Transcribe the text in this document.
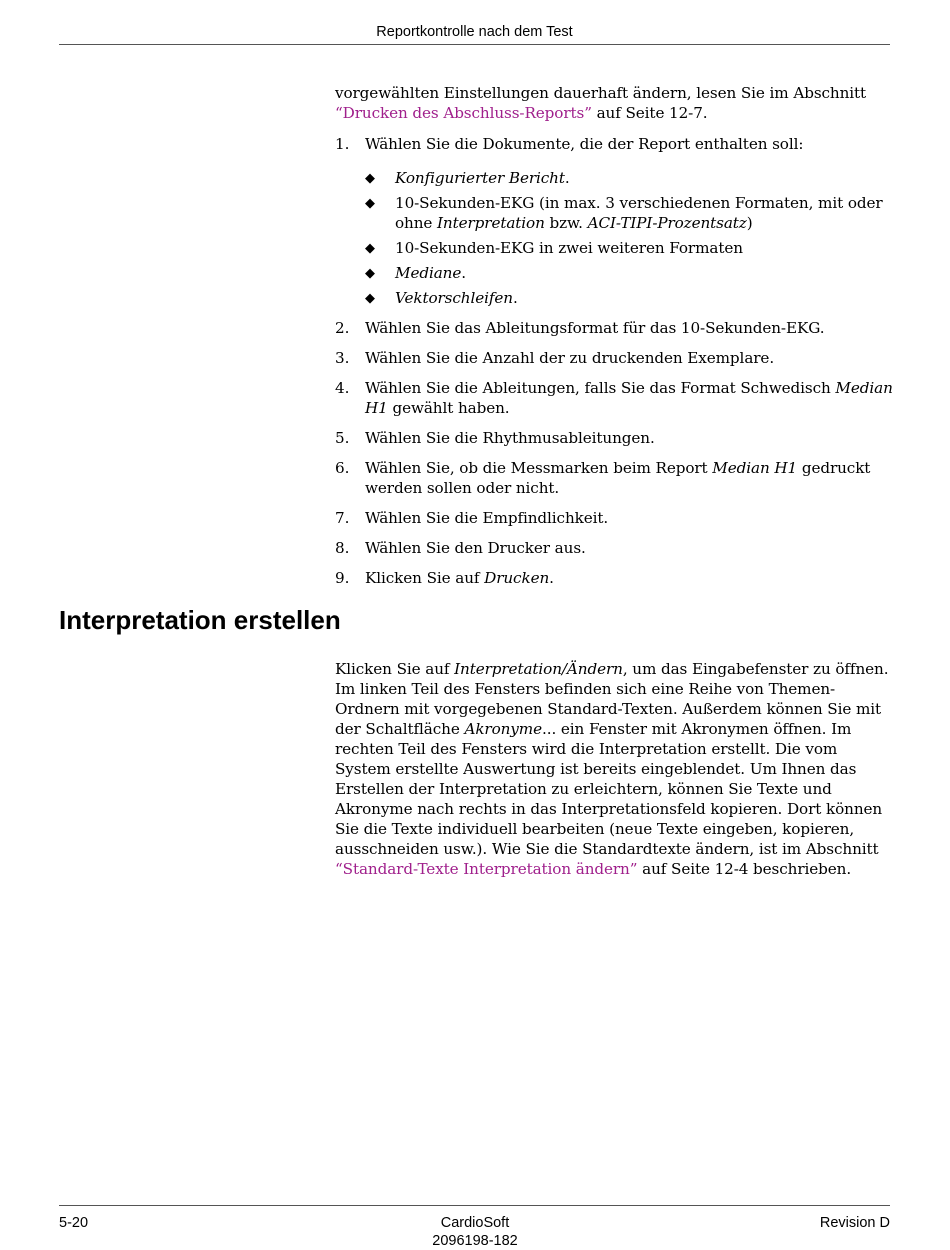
Reportkontrolle nach dem Test
vorgewählten Einstellungen dauerhaft ändern, lesen Sie im Abschnitt
“Drucken des Abschluss-Reports” auf Seite 12-7.
1. Wählen Sie die Dokumente, die der Report enthalten soll:
◆ Konfigurierter Bericht.
◆ 10-Sekunden-EKG (in max. 3 verschiedenen Formaten, mit oder ohne Interpretation bzw. ACI-TIPI-Prozentsatz)
◆ 10-Sekunden-EKG in zwei weiteren Formaten
◆ Mediane.
◆ Vektorschleifen.
2. Wählen Sie das Ableitungsformat für das 10-Sekunden-EKG.
3. Wählen Sie die Anzahl der zu druckenden Exemplare.
4. Wählen Sie die Ableitungen, falls Sie das Format Schwedisch Median H1 gewählt haben.
5. Wählen Sie die Rhythmusableitungen.
6. Wählen Sie, ob die Messmarken beim Report Median H1 gedruckt werden sollen oder nicht.
7. Wählen Sie die Empfindlichkeit.
8. Wählen Sie den Drucker aus.
9. Klicken Sie auf Drucken.
Interpretation erstellen
Klicken Sie auf Interpretation/Ändern, um das Eingabefenster zu öffnen. Im linken Teil des Fensters befinden sich eine Reihe von Themen-Ordnern mit vorgegebenen Standard-Texten. Außerdem können Sie mit der Schaltfläche Akronyme... ein Fenster mit Akronymen öffnen. Im rechten Teil des Fensters wird die Interpretation erstellt. Die vom System erstellte Auswertung ist bereits eingeblendet. Um Ihnen das Erstellen der Interpretation zu erleichtern, können Sie Texte und Akronyme nach rechts in das Interpretationsfeld kopieren. Dort können Sie die Texte individuell bearbeiten (neue Texte eingeben, kopieren, ausschneiden usw.). Wie Sie die Standardtexte ändern, ist im Abschnitt “Standard-Texte Interpretation ändern” auf Seite 12-4 beschrieben.
5-20	CardioSoft
2096198-182
Revision D
